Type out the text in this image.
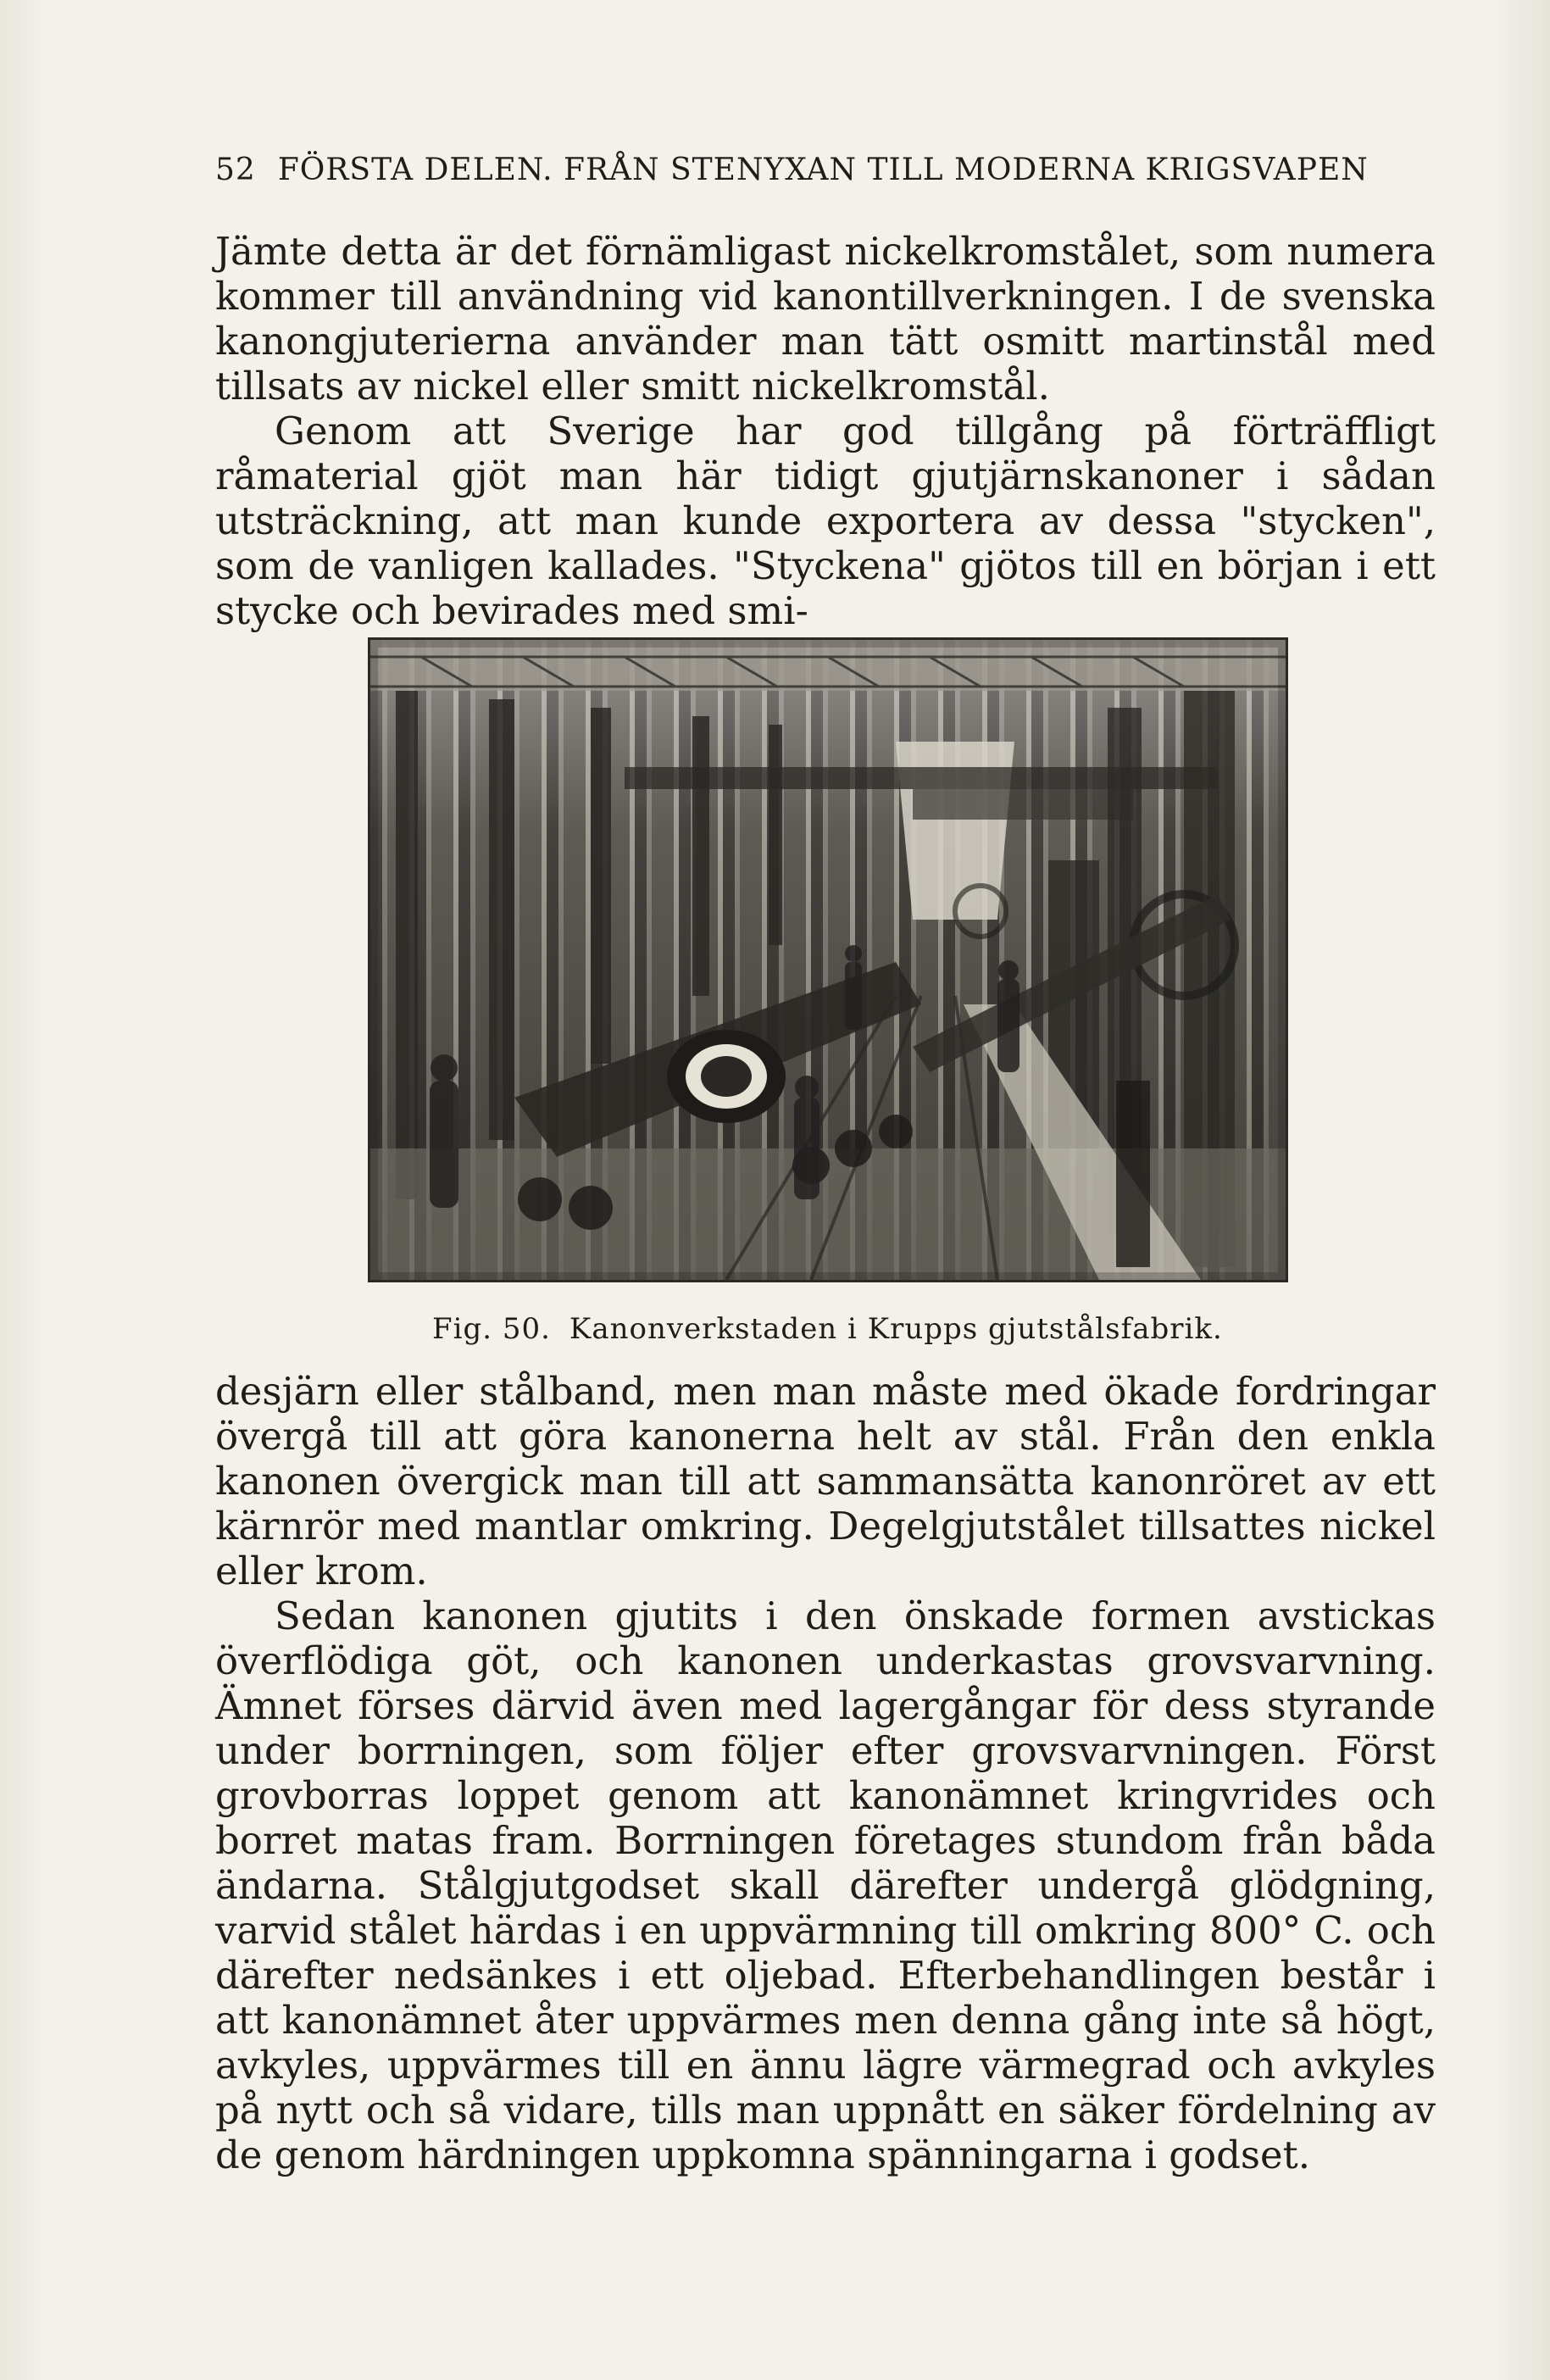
52 FÖRSTA DELEN. FRÅN STENYXAN TILL MODERNA KRIGSVAPEN

Jämte detta är det förnämligast nickelkromstålet, som numera kommer till användning vid kanontillverkningen. I de svenska kanongjuterierna använder man tätt osmitt martinstål med tillsats av nickel eller smitt nickelkromstål.

Genom att Sverige har god tillgång på förträffligt råmaterial gjöt man här tidigt gjutjärnskanoner i sådan utsträckning, att man kunde exportera av dessa "stycken", som de vanligen kallades. "Styckena" gjötos till en början i ett stycke och bevirades med smi-

Fig. 50. Kanonverkstaden i Krupps gjutstålsfabrik.

desjärn eller stålband, men man måste med ökade fordringar övergå till att göra kanonerna helt av stål. Från den enkla kanonen övergick man till att sammansätta kanonröret av ett kärnrör med mantlar omkring. Degelgjutstålet tillsattes nickel eller krom.

Sedan kanonen gjutits i den önskade formen avstickas överflödiga göt, och kanonen underkastas grovsvarvning. Ämnet förses därvid även med lagergångar för dess styrande under borrningen, som följer efter grovsvarvningen. Först grovborras loppet genom att kanonämnet kringvrides och borret matas fram. Borrningen företages stundom från båda ändarna. Stålgjutgodset skall därefter undergå glödgning, varvid stålet härdas i en uppvärmning till omkring 800° C. och därefter nedsänkes i ett oljebad. Efterbehandlingen består i att kanonämnet åter uppvärmes men denna gång inte så högt, avkyles, uppvärmes till en ännu lägre värmegrad och avkyles på nytt och så vidare, tills man uppnått en säker fördelning av de genom härdningen uppkomna spänningarna i godset.
